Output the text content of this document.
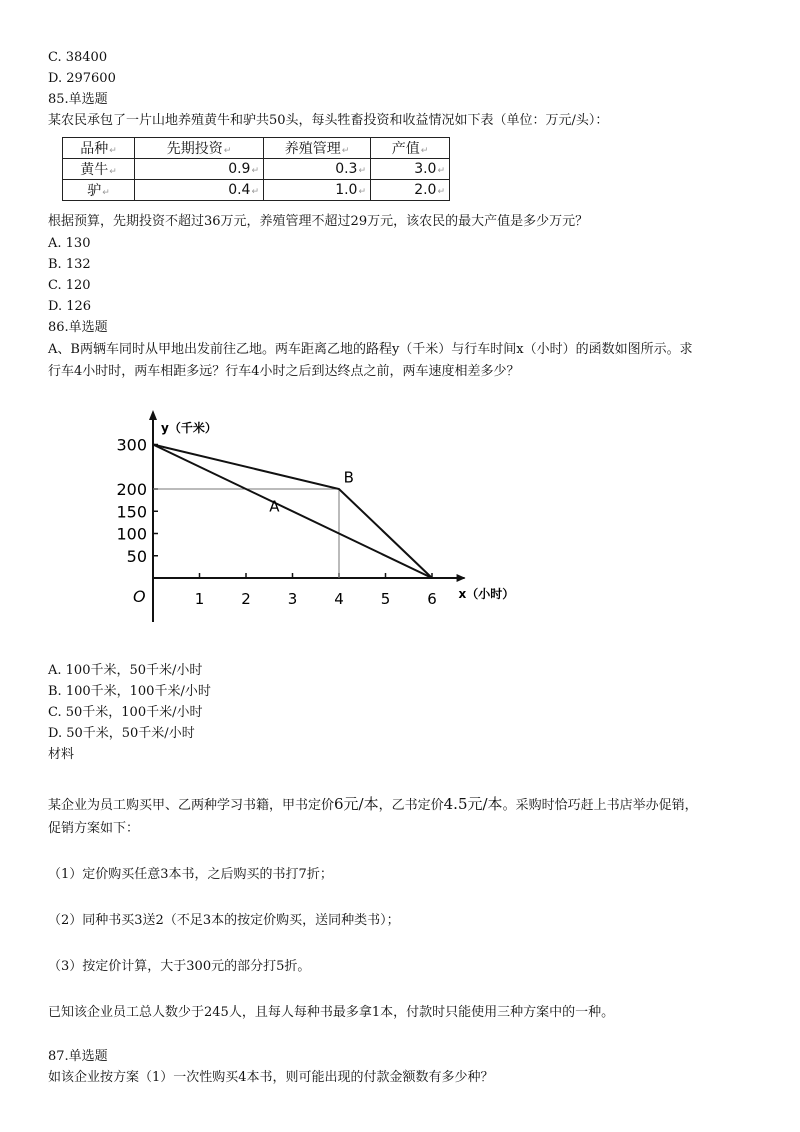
C. 38400
D. 297600
85.单选题
某农民承包了一片山地养殖黄牛和驴共50头，每头牲畜投资和收益情况如下表（单位：万元/头）：
品种↵	先期投资↵	养殖管理↵	产值↵
黄牛↵	0.9↵	0.3↵	3.0↵
驴↵	0.4↵	1.0↵	2.0↵
根据预算，先期投资不超过36万元，养殖管理不超过29万元，该农民的最大产值是多少万元？
A. 130
B. 132
C. 120
D. 126
86.单选题
A、B两辆车同时从甲地出发前往乙地。两车距离乙地的路程y（千米）与行车时间x（小时）的函数如图所示。求
行车4小时时，两车相距多远？行车4小时之后到达终点之前，两车速度相差多少？
y（千米）
x（小时）
O	1 2 3 4 5 6
50
100
150
200
300
A
B
A. 100千米，50千米/小时
B. 100千米，100千米/小时
C. 50千米，100千米/小时
D. 50千米，50千米/小时
材料
某企业为员工购买甲、乙两种学习书籍，甲书定价6元/本，乙书定价4.5元/本。采购时恰巧赶上书店举办促销，
促销方案如下：
（1）定价购买任意3本书，之后购买的书打7折；
（2）同种书买3送2（不足3本的按定价购买，送同种类书）；
（3）按定价计算，大于300元的部分打5折。
已知该企业员工总人数少于245人，且每人每种书最多拿1本，付款时只能使用三种方案中的一种。
87.单选题
如该企业按方案（1）一次性购买4本书，则可能出现的付款金额数有多少种？
